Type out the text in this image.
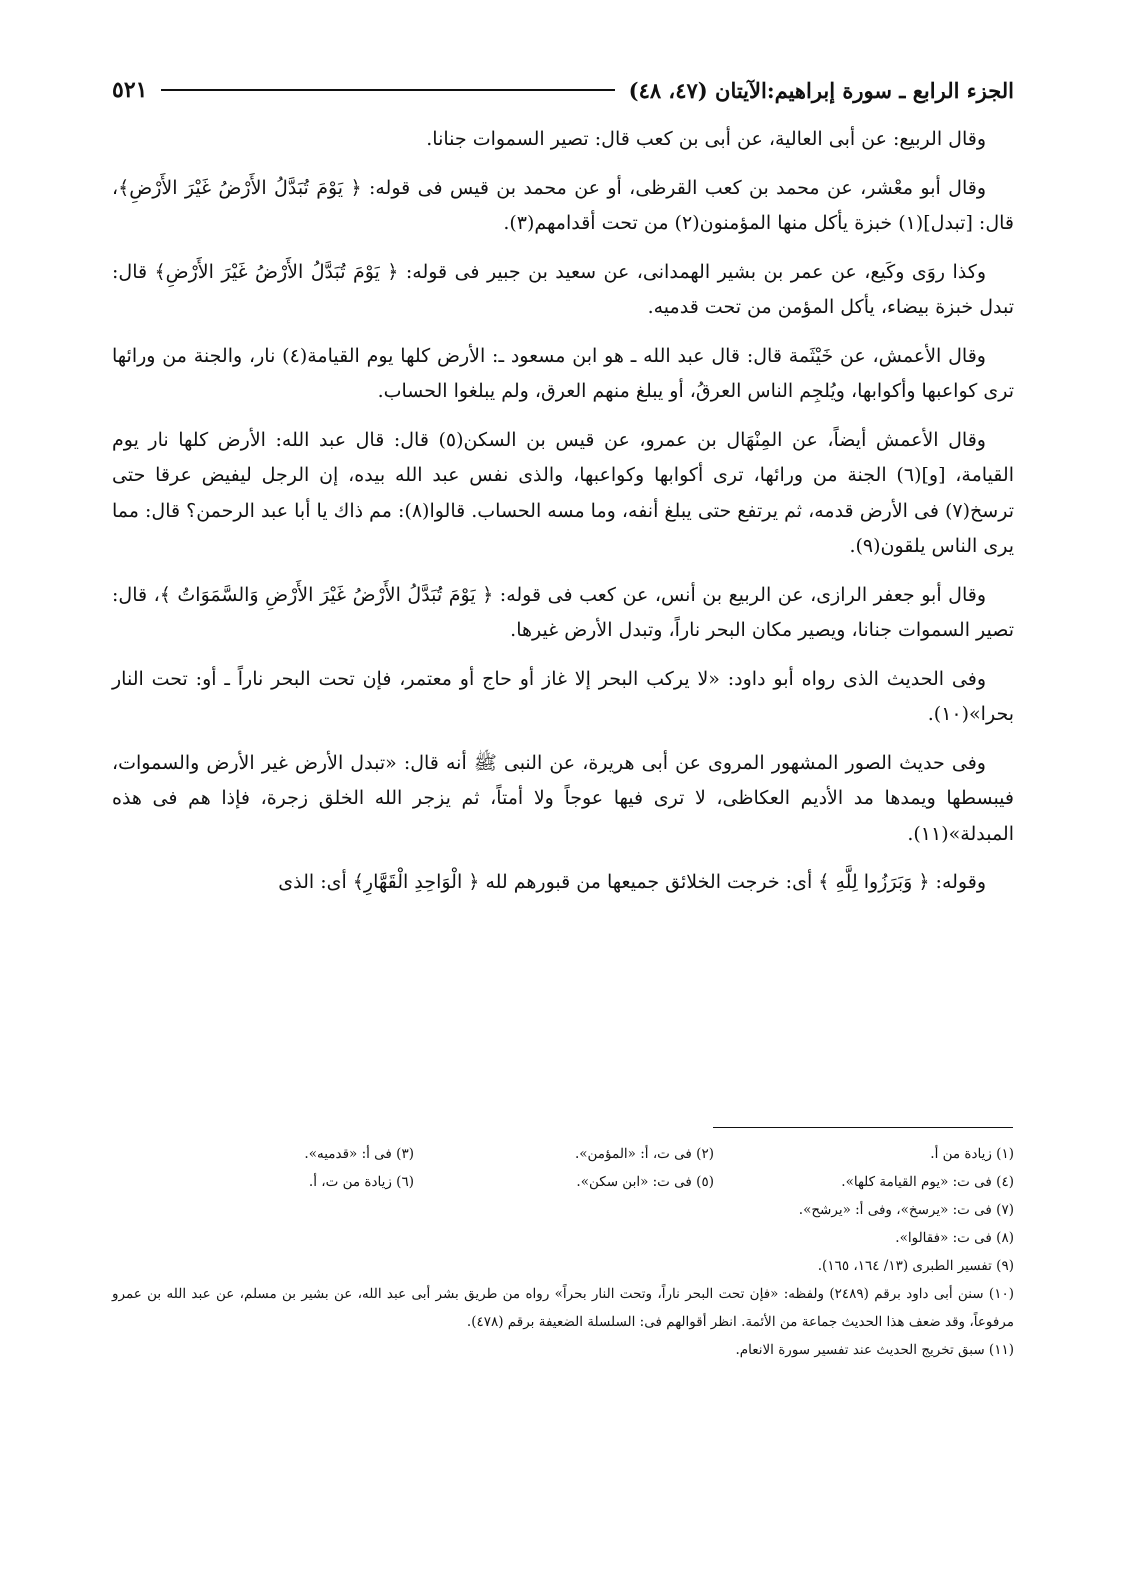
الجزء الرابع ـ سورة إبراهيم:الآيتان (٤٧، ٤٨)
٥٢١

وقال الربيع: عن أبى العالية، عن أبى بن كعب قال: تصير السموات جنانا.

وقال أبو معْشر، عن محمد بن كعب القرظى، أو عن محمد بن قيس فى قوله: ﴿ يَوْمَ تُبَدَّلُ الأَرْضُ غَيْرَ الأَرْضِ﴾، قال: [تبدل](١) خبزة يأكل منها المؤمنون(٢) من تحت أقدامهم(٣).

وكذا روَى وكَيع، عن عمر بن بشير الهمدانى، عن سعيد بن جبير فى قوله: ﴿ يَوْمَ تُبَدَّلُ الأَرْضُ غَيْرَ الأَرْضِ﴾ قال: تبدل خبزة بيضاء، يأكل المؤمن من تحت قدميه.

وقال الأعمش، عن خَيْثَمة قال: قال عبد الله ـ هو ابن مسعود ـ: الأرض كلها يوم القيامة(٤) نار، والجنة من ورائها ترى كواعبها وأكوابها، ويُلجِم الناس العرقُ، أو يبلغ منهم العرق، ولم يبلغوا الحساب.

وقال الأعمش أيضاً، عن المِنْهَال بن عمرو، عن قيس بن السكن(٥) قال: قال عبد الله: الأرض كلها نار يوم القيامة، [و](٦) الجنة من ورائها، ترى أكوابها وكواعبها، والذى نفس عبد الله بيده، إن الرجل ليفيض عرقا حتى ترسخ(٧) فى الأرض قدمه، ثم يرتفع حتى يبلغ أنفه، وما مسه الحساب. قالوا(٨): مم ذاك يا أبا عبد الرحمن؟ قال: مما يرى الناس يلقون(٩).

وقال أبو جعفر الرازى، عن الربيع بن أنس، عن كعب فى قوله: ﴿ يَوْمَ تُبَدَّلُ الأَرْضُ غَيْرَ الأَرْضِ وَالسَّمَوَاتُ ﴾، قال: تصير السموات جنانا، ويصير مكان البحر ناراً، وتبدل الأرض غيرها.

وفى الحديث الذى رواه أبو داود: «لا يركب البحر إلا غاز أو حاج أو معتمر، فإن تحت البحر ناراً ـ أو: تحت النار بحرا»(١٠).

وفى حديث الصور المشهور المروى عن أبى هريرة، عن النبى ﷺ أنه قال: «تبدل الأرض غير الأرض والسموات، فيبسطها ويمدها مد الأديم العكاظى، لا ترى فيها عوجاً ولا أمتاً، ثم يزجر الله الخلق زجرة، فإذا هم فى هذه المبدلة»(١١).

وقوله: ﴿ وَبَرَزُوا لِلَّهِ ﴾ أى: خرجت الخلائق جميعها من قبورهم لله ﴿ الْوَاحِدِ الْقَهَّارِ﴾ أى: الذى

(١) زيادة من أ.
(٢) فى ت، أ: «المؤمن».
(٣) فى أ: «قدميه».
(٤) فى ت: «يوم القيامة كلها».
(٥) فى ت: «ابن سكن».
(٦) زيادة من ت، أ.
(٧) فى ت: «يرسخ»، وفى أ: «يرشح».
(٨) فى ت: «فقالوا».
(٩) تفسير الطبرى (١٣/ ١٦٤، ١٦٥).
(١٠) سنن أبى داود برقم (٢٤٨٩) ولفظه: «فإن تحت البحر ناراً، وتحت النار بحراً» رواه من طريق بشر أبى عبد الله، عن بشير بن مسلم، عن عبد الله بن عمرو مرفوعاً، وقد ضعف هذا الحديث جماعة من الأئمة. انظر أقوالهم فى: السلسلة الضعيفة برقم (٤٧٨).
(١١) سبق تخريج الحديث عند تفسير سورة الانعام.
